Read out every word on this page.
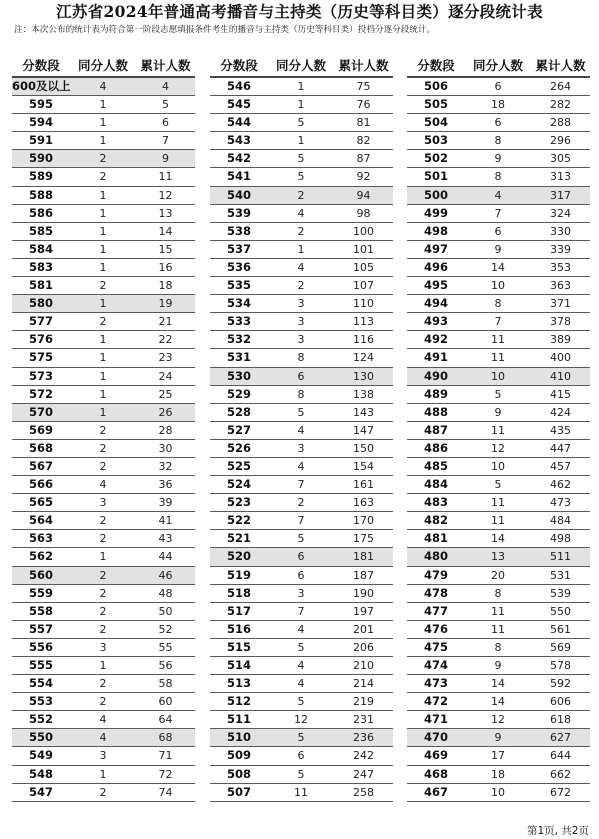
江苏省2024年普通高考播音与主持类（历史等科目类）逐分段统计表
注：本次公布的统计表为符合第一阶段志愿填报条件考生的播音与主持类（历史等科目类）投档分逐分段统计。
分数段	同分人数 累计人数
600及以上	4	4
595	1	5
594	1	6
591	1	7
590	2	9
589	2	11
588	1	12
586	1	13
585	1	14
584	1	15
583	1	16
581	2	18
580	1	19
577	2	21
576	1	22
575	1	23
573	1	24
572	1	25
570	1	26
569	2	28
568	2	30
567	2	32
566	4	36
565	3	39
564	2	41
563	2	43
562	1	44
560	2	46
559	2	48
558	2	50
557	2	52
556	3	55
555	1	56
554	2	58
553	2	60
552	4	64
550	4	68
549	3	71
548	1	72
547	2	74
分数段	同分人数 累计人数
546	1	75
545	1	76
544	5	81
543	1	82
542	5	87
541	5	92
540	2	94
539	4	98
538	2	100
537	1	101
536	4	105
535	2	107
534	3	110
533	3	113
532	3	116
531	8	124
530	6	130
529	8	138
528	5	143
527	4	147
526	3	150
525	4	154
524	7	161
523	2	163
522	7	170
521	5	175
520	6	181
519	6	187
518	3	190
517	7	197
516	4	201
515	5	206
514	4	210
513	4	214
512	5	219
511	12	231
510	5	236
509	6	242
508	5	247
507	11	258
分数段	同分人数 累计人数
506	6	264
505	18	282
504	6	288
503	8	296
502	9	305
501	8	313
500	4	317
499	7	324
498	6	330
497	9	339
496	14	353
495	10	363
494	8	371
493	7	378
492	11	389
491	11	400
490	10	410
489	5	415
488	9	424
487	11	435
486	12	447
485	10	457
484	5	462
483	11	473
482	11	484
481	14	498
480	13	511
479	20	531
478	8	539
477	11	550
476	11	561
475	8	569
474	9	578
473	14	592
472	14	606
471	12	618
470	9	627
469	17	644
468	18	662
467	10	672
第1页, 共2页
